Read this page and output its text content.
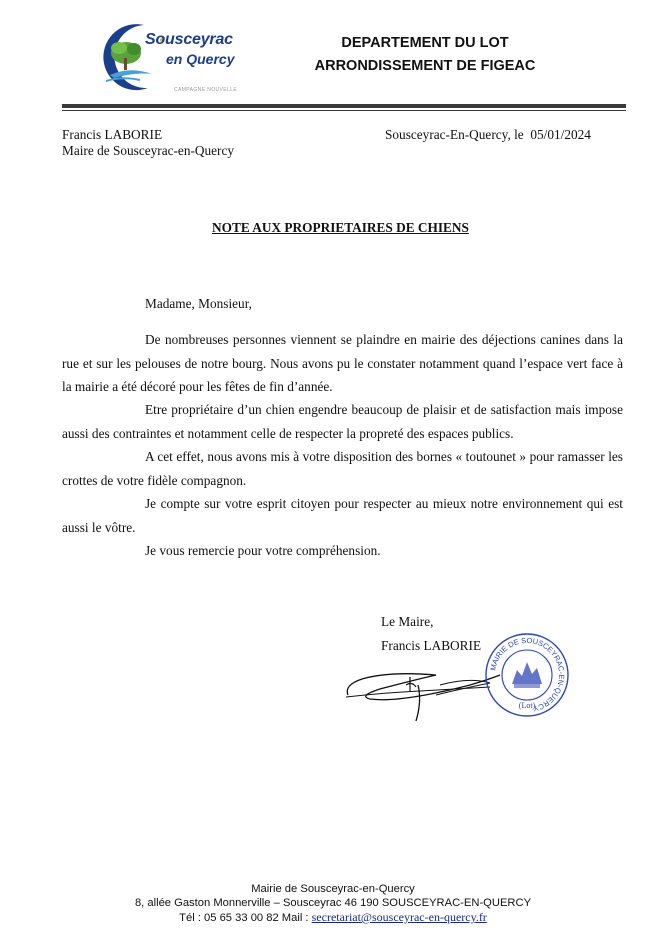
Sousceyrac
en Quercy
CAMPAGNE NOUVELLE
DEPARTEMENT DU LOT
ARRONDISSEMENT DE FIGEAC
Francis LABORIE
Maire de Sousceyrac-en-Quercy
Sousceyrac-En-Quercy, le  05/01/2024
NOTE AUX PROPRIETAIRES DE CHIENS
Madame, Monsieur,

De nombreuses personnes viennent se plaindre en mairie des déjections canines dans la rue et sur les pelouses de notre bourg. Nous avons pu le constater notamment quand l’espace vert face à la mairie a été décoré pour les fêtes de fin d’année.

Etre propriétaire d’un chien engendre beaucoup de plaisir et de satisfaction mais impose aussi des contraintes et notamment celle de respecter la propreté des espaces publics.

A cet effet, nous avons mis à votre disposition des bornes « toutounet » pour ramasser les crottes de votre fidèle compagnon.

Je compte sur votre esprit citoyen pour respecter au mieux notre environnement qui est aussi le vôtre.

Je vous remercie pour votre compréhension.

Le Maire,
Francis LABORIE
MAIRIE DE SOUSCEYRAC-EN-QUERCY
(Lot)
Mairie de Sousceyrac-en-Quercy
8, allée Gaston Monnerville – Sousceyrac 46 190 SOUSCEYRAC-EN-QUERCY
Tél : 05 65 33 00 82 Mail : secretariat@sousceyrac-en-quercy.fr
